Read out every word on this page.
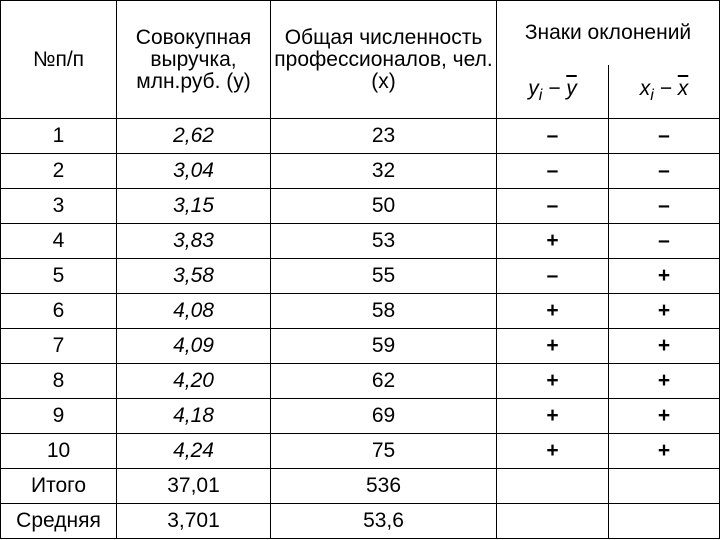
№п/п	Совокупная
выручка,
млн.руб. (у)	Общая численность
профессионалов, чел.
(x)	Знаки оклонений	
			$y_i - \overline{y}$	$x_i - \overline{x}$
1	2,62	23	–	–
2	3,04	32	–	–
3	3,15	50	–	–
4	3,83	53	+	–
5	3,58	55	–	+
6	4,08	58	+	+
7	4,09	59	+	+
8	4,20	62	+	+
9	4,18	69	+	+
10	4,24	75	+	+
Итого	37,01	536		
Средняя	3,701	53,6		
